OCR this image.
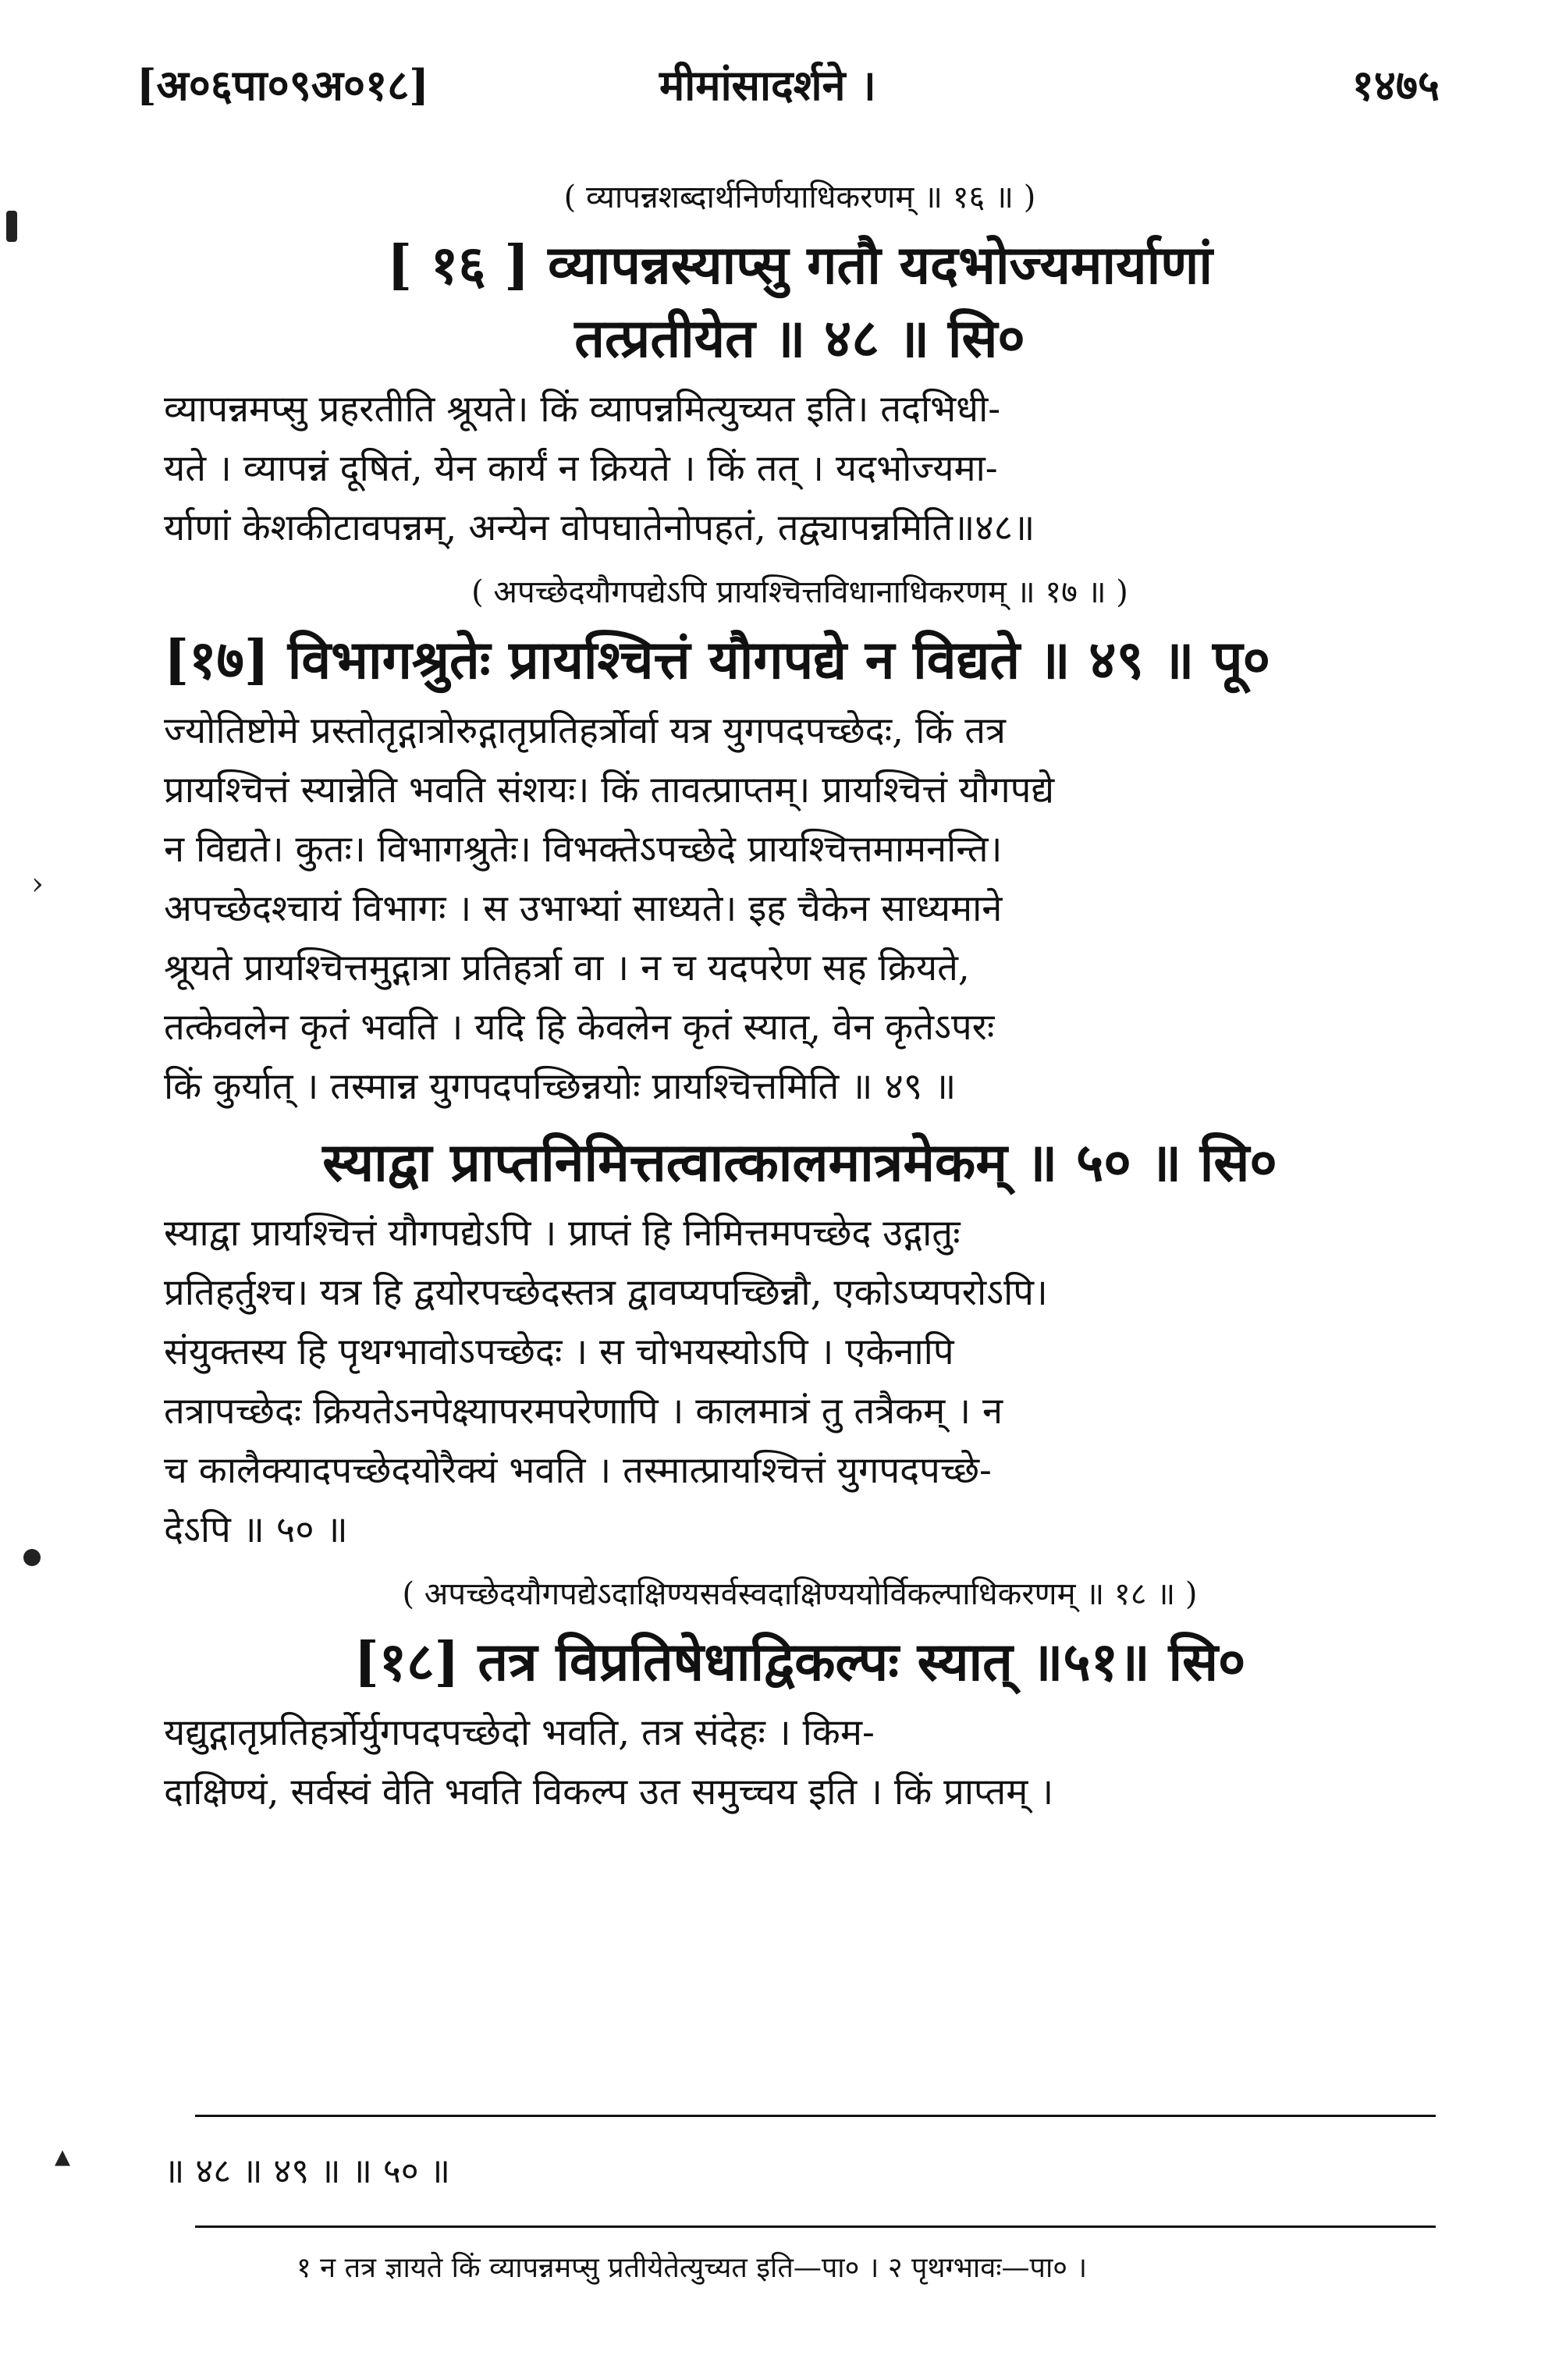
[अ०६पा०९अ०१८]	मीमांसादर्शने ।	१४७५
( व्यापन्नशब्दार्थनिर्णयाधिकरणम् ॥ १६ ॥ )
[ १६ ] व्यापन्नस्याप्सु गतौ यदभोज्यमार्याणां
तत्प्रतीयेत ॥ ४८ ॥ सि०
व्यापन्नमप्सु प्रहरतीति श्रूयते। किं व्यापन्नमित्युच्यत इति। तदभिधी-
यते । व्यापन्नं दूषितं, येन कार्यं न क्रियते । किं तत् । यदभोज्यमा-
र्याणां केशकीटावपन्नम्, अन्येन वोपघातेनोपहतं, तद्व्यापन्नमिति॥४८॥
( अपच्छेदयौगपद्येऽपि प्रायश्चित्तविधानाधिकरणम् ॥ १७ ॥ )
[१७] विभागश्रुतेः प्रायश्चित्तं यौगपद्ये न विद्यते ॥ ४९ ॥ पू०
ज्योतिष्टोमे प्रस्तोतृद्गात्रोरुद्गातृप्रतिहर्त्रोर्वा यत्र युगपदपच्छेदः, किं तत्र
प्रायश्चित्तं स्यान्नेति भवति संशयः। किं तावत्प्राप्तम्। प्रायश्चित्तं यौगपद्ये
न विद्यते। कुतः। विभागश्रुतेः। विभक्तेऽपच्छेदे प्रायश्चित्तमामनन्ति।
अपच्छेदश्चायं विभागः । स उभाभ्यां साध्यते। इह चैकेन साध्यमाने
श्रूयते प्रायश्चित्तमुद्गात्रा प्रतिहर्त्रा वा । न च यदपरेण सह क्रियते,
तत्केवलेन कृतं भवति । यदि हि केवलेन कृतं स्यात्, वेन कृतेऽपरः
किं कुर्यात् । तस्मान्न युगपदपच्छिन्नयोः प्रायश्चित्तमिति ॥ ४९ ॥
स्याद्वा प्राप्तनिमित्तत्वात्कालमात्रमेकम् ॥ ५० ॥ सि०
स्याद्वा प्रायश्चित्तं यौगपद्येऽपि । प्राप्तं हि निमित्तमपच्छेद उद्गातुः
प्रतिहर्तुश्च। यत्र हि द्वयोरपच्छेदस्तत्र द्वावप्यपच्छिन्नौ, एकोऽप्यपरोऽपि।
संयुक्तस्य हि पृथग्भावोऽपच्छेदः । स चोभयस्योऽपि । एकेनापि
तत्रापच्छेदः क्रियतेऽनपेक्ष्यापरमपरेणापि । कालमात्रं तु तत्रैकम् । न
च कालैक्यादपच्छेदयोरैक्यं भवति । तस्मात्प्रायश्चित्तं युगपदपच्छे-
देऽपि ॥ ५० ॥
( अपच्छेदयौगपद्येऽदाक्षिण्यसर्वस्वदाक्षिण्ययोर्विकल्पाधिकरणम् ॥ १८ ॥ )
[१८] तत्र विप्रतिषेधाद्विकल्पः स्यात् ॥५१॥ सि०
यद्युद्गातृप्रतिहर्त्रोर्युगपदपच्छेदो भवति, तत्र संदेहः । किम-
दाक्षिण्यं, सर्वस्वं वेति भवति विकल्प उत समुच्चय इति । किं प्राप्तम् ।
॥ ४८ ॥ ४९ ॥ ॥ ५० ॥
१ न तत्र ज्ञायते किं व्यापन्नमप्सु प्रतीयेतेत्युच्यत इति—पा० । २ पृथग्भावः—पा० ।
›
▴
